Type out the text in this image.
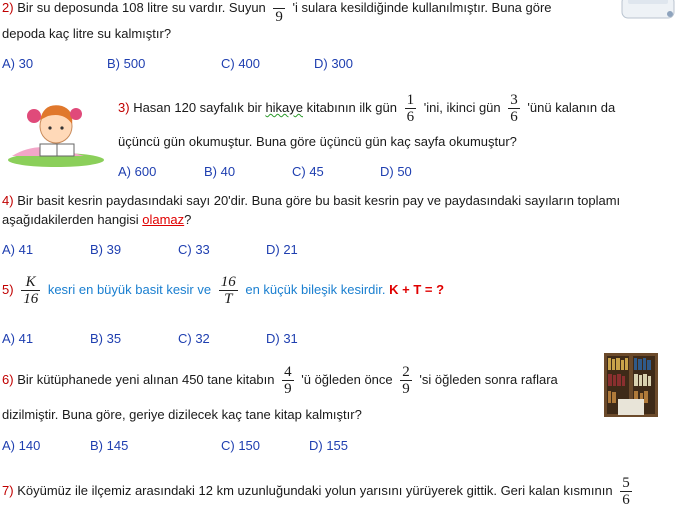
2) Bir su deposunda 108 litre su vardır. Suyun

9
'i sulara kesildiğinde kullanılmıştır. Buna göre
depoda kaç litre su kalmıştır?
A) 30	B) 500	C) 400	D) 300
3) Hasan 120 sayfalık bir hikaye kitabının ilk gün $\frac{1}{6}$ 'ini, ikinci gün $\frac{3}{6}$ 'ünü kalanın da
üçüncü gün okumuştur. Buna göre üçüncü gün kaç sayfa okumuştur?
A) 600	B) 40	C) 45	D) 50
4) Bir basit kesrin paydasındaki sayı 20'dir. Buna göre bu basit kesrin pay ve paydasındaki sayıların toplamı
aşağıdakilerden hangisi olamaz?
A) 41	B) 39	C) 33	D) 21
$5) \frac{K}{16}$ kesri en büyük basit kesir ve $\frac{16}{T}$ en küçük bileşik kesirdir. K + T = ?
A) 41	B) 35	C) 32	D) 31
6) Bir kütüphanede yeni alınan 450 tane kitabın $\frac{4}{9}$ 'ü öğleden önce $\frac{2}{9}$ 'si öğleden sonra raflara
dizilmiştir. Buna göre, geriye dizilecek kaç tane kitap kalmıştır?
A) 140	B) 145	C) 150	D) 155
7) Köyümüz ile ilçemiz arasındaki 12 km uzunluğundaki yolun yarısını yürüyerek gittik. Geri kalan kısmının $\frac{5}{6}$
